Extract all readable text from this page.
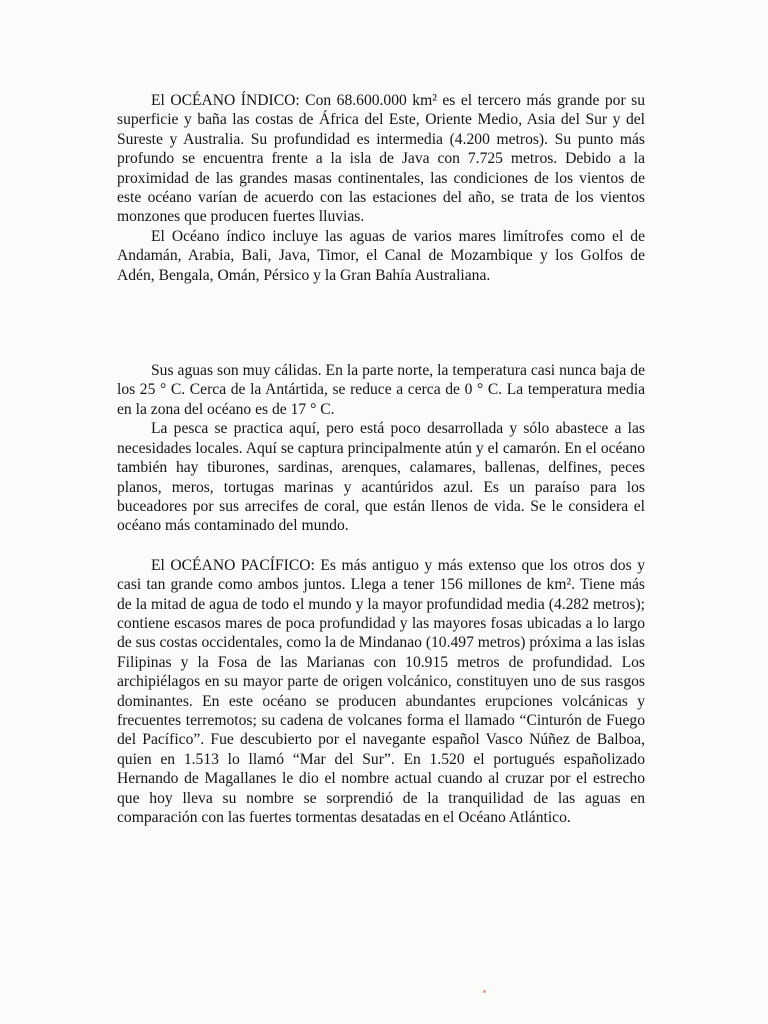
El OCÉANO ÍNDICO: Con 68.600.000 km² es el tercero más grande por su superficie y baña las costas de África del Este, Oriente Medio, Asia del Sur y del Sureste y Australia. Su profundidad es intermedia (4.200 metros). Su punto más profundo se encuentra frente a la isla de Java con 7.725 metros. Debido a la proximidad de las grandes masas continentales, las condiciones de los vientos de este océano varían de acuerdo con las estaciones del año, se trata de los vientos monzones que producen fuertes lluvias.

El Océano índico incluye las aguas de varios mares limítrofes como el de Andamán, Arabia, Bali, Java, Timor, el Canal de Mozambique y los Golfos de Adén, Bengala, Omán, Pérsico y la Gran Bahía Australiana.

Sus aguas son muy cálidas. En la parte norte, la temperatura casi nunca baja de los 25 ° C. Cerca de la Antártida, se reduce a cerca de 0 ° C. La temperatura media en la zona del océano es de 17 ° C.

La pesca se practica aquí, pero está poco desarrollada y sólo abastece a las necesidades locales. Aquí se captura principalmente atún y el camarón. En el océano también hay tiburones, sardinas, arenques, calamares, ballenas, delfines, peces planos, meros, tortugas marinas y acantúridos azul. Es un paraíso para los buceadores por sus arrecifes de coral, que están llenos de vida. Se le considera el océano más contaminado del mundo.

El OCÉANO PACÍFICO: Es más antiguo y más extenso que los otros dos y casi tan grande como ambos juntos. Llega a tener 156 millones de km². Tiene más de la mitad de agua de todo el mundo y la mayor profundidad media (4.282 metros); contiene escasos mares de poca profundidad y las mayores fosas ubicadas a lo largo de sus costas occidentales, como la de Mindanao (10.497 metros) próxima a las islas Filipinas y la Fosa de las Marianas con 10.915 metros de profundidad. Los archipiélagos en su mayor parte de origen volcánico, constituyen uno de sus rasgos dominantes. En este océano se producen abundantes erupciones volcánicas y frecuentes terremotos; su cadena de volcanes forma el llamado “Cinturón de Fuego del Pacífico”. Fue descubierto por el navegante español Vasco Núñez de Balboa, quien en 1.513 lo llamó “Mar del Sur”. En 1.520 el portugués españolizado Hernando de Magallanes le dio el nombre actual cuando al cruzar por el estrecho que hoy lleva su nombre se sorprendió de la tranquilidad de las aguas en comparación con las fuertes tormentas desatadas en el Océano Atlántico.
